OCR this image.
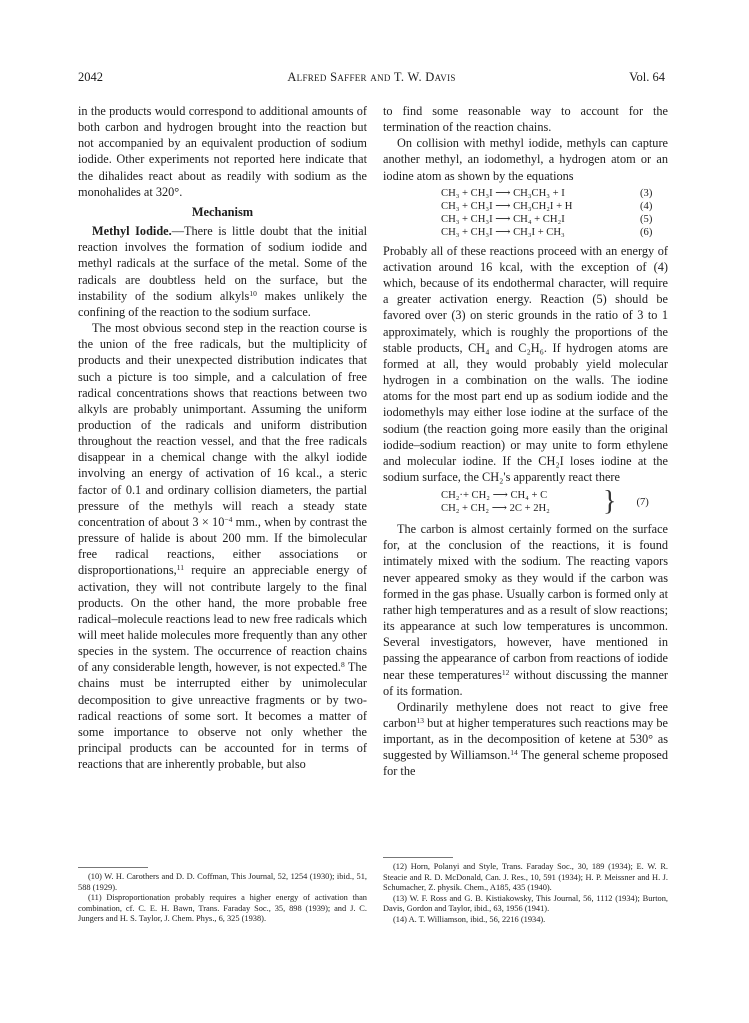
2042	Alfred Saffer and T. W. Davis	Vol. 64

in the products would correspond to additional amounts of both carbon and hydrogen brought into the reaction but not accompanied by an equivalent production of sodium iodide. Other experiments not reported here indicate that the dihalides react about as readily with sodium as the monohalides at 320°.

Mechanism

Methyl Iodide.—There is little doubt that the initial reaction involves the formation of sodium iodide and methyl radicals at the surface of the metal. Some of the radicals are doubtless held on the surface, but the instability of the sodium alkyls$^{10}$ makes unlikely the confining of the reaction to the sodium surface.

The most obvious second step in the reaction course is the union of the free radicals, but the multiplicity of products and their unexpected distribution indicates that such a picture is too simple, and a calculation of free radical concentrations shows that reactions between two alkyls are probably unimportant. Assuming the uniform production of the radicals and uniform distribution throughout the reaction vessel, and that the free radicals disappear in a chemical change with the alkyl iodide involving an energy of activation of 16 kcal., a steric factor of 0.1 and ordinary collision diameters, the partial pressure of the methyls will reach a steady state concentration of about $3 \times 10^{-4}$ mm., when by contrast the pressure of halide is about 200 mm. If the bimolecular free radical reactions, either associations or disproportionations,$^{11}$ require an appreciable energy of activation, they will not contribute largely to the final products. On the other hand, the more probable free radical–molecule reactions lead to new free radicals which will meet halide molecules more frequently than any other species in the system. The occurrence of reaction chains of any considerable length, however, is not expected.$^8$ The chains must be interrupted either by unimolecular decomposition to give unreactive fragments or by two-radical reactions of some sort. It becomes a matter of some importance to observe not only whether the principal products can be accounted for in terms of reactions that are inherently probable, but also

to find some reasonable way to account for the termination of the reaction chains.

On collision with methyl iodide, methyls can capture another methyl, an iodomethyl, a hydrogen atom or an iodine atom as shown by the equations

CH₃ + CH₃I ⟶ CH₃CH₃ + I	(3)
CH₃ + CH₃I ⟶ CH₃CH₂I + H	(4)
CH₃ + CH₃I ⟶ CH₄ + CH₂I	(5)
CH₃ + CH₃I ⟶ CH₃I + CH₃	(6)

Probably all of these reactions proceed with an energy of activation around 16 kcal, with the exception of (4) which, because of its endothermal character, will require a greater activation energy. Reaction (5) should be favored over (3) on steric grounds in the ratio of 3 to 1 approximately, which is roughly the proportions of the stable products, CH₄ and C₂H₆. If hydrogen atoms are formed at all, they would probably yield molecular hydrogen in a combination on the walls. The iodine atoms for the most part end up as sodium iodide and the iodomethyls may either lose iodine at the surface of the sodium (the reaction going more easily than the original iodide–sodium reaction) or may unite to form ethylene and molecular iodine. If the CH₂I loses iodine at the sodium surface, the CH₂'s apparently react there

CH₂·+ CH₂ ⟶ CH₄ + C
CH₂ + CH₂ ⟶ 2C + 2H₂	}	(7)

The carbon is almost certainly formed on the surface for, at the conclusion of the reactions, it is found intimately mixed with the sodium. The reacting vapors never appeared smoky as they would if the carbon was formed in the gas phase. Usually carbon is formed only at rather high temperatures and as a result of slow reactions; its appearance at such low temperatures is uncommon. Several investigators, however, have mentioned in passing the appearance of carbon from reactions of iodide near these temperatures$^{12}$ without discussing the manner of its formation.

Ordinarily methylene does not react to give free carbon$^{13}$ but at higher temperatures such reactions may be important, as in the decomposition of ketene at 530° as suggested by Williamson.$^{14}$ The general scheme proposed for the

(10) W. H. Carothers and D. D. Coffman, This Journal, 52, 1254 (1930); ibid., 51, 588 (1929).

(11) Disproportionation probably requires a higher energy of activation than combination, cf. C. E. H. Bawn, Trans. Faraday Soc., 35, 898 (1939); and J. C. Jungers and H. S. Taylor, J. Chem. Phys., 6, 325 (1938).

(12) Horn, Polanyi and Style, Trans. Faraday Soc., 30, 189 (1934); E. W. R. Steacie and R. D. McDonald, Can. J. Res., 10, 591 (1934); H. P. Meissner and H. J. Schumacher, Z. physik. Chem., A185, 435 (1940).

(13) W. F. Ross and G. B. Kistiakowsky, This Journal, 56, 1112 (1934); Burton, Davis, Gordon and Taylor, ibid., 63, 1956 (1941).

(14) A. T. Williamson, ibid., 56, 2216 (1934).
